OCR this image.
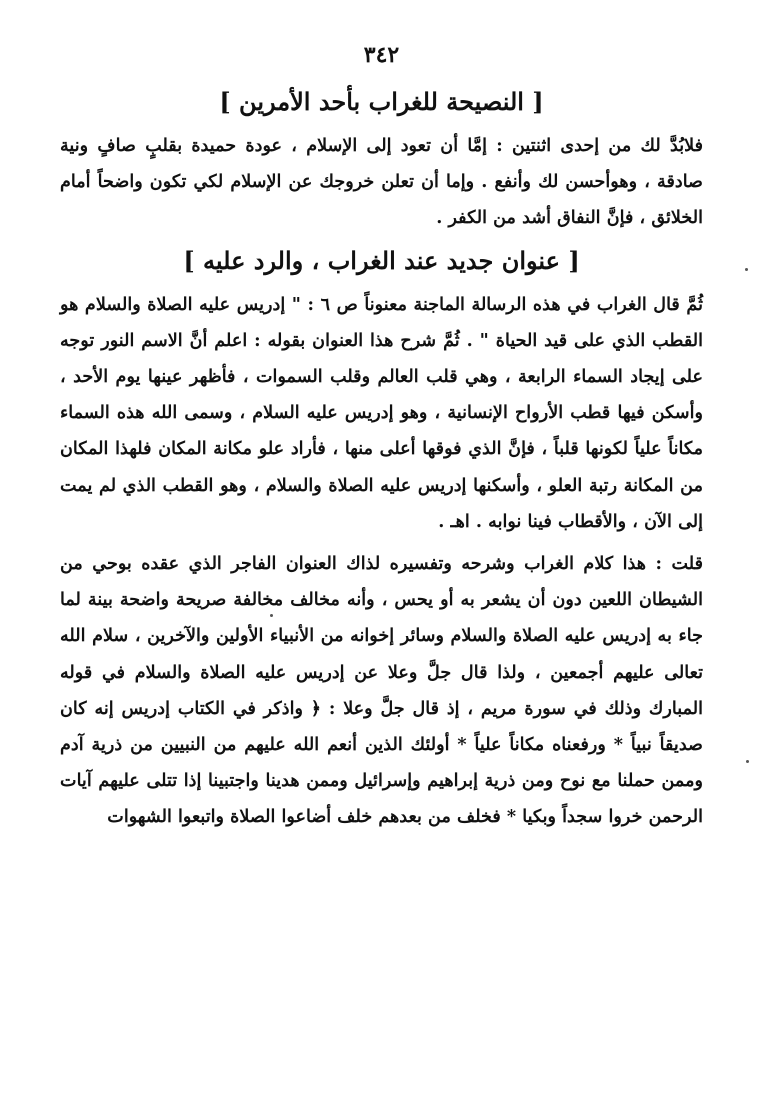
٣٤٢
[ النصيحة للغراب بأحد الأمرين ]

فلابُدَّ لك من إحدى اثنتين : إمَّا أن تعود إلى الإسلام ، عودة حميدة بقلبٍ صافٍ ونية صادقة ، وهوأحسن لك وأنفع . وإما أن تعلن خروجك عن الإسلام لكي تكون واضحاً أمام الخلائق ، فإنَّ النفاق أشد من الكفر .

[ عنوان جديد عند الغراب ، والرد عليه ]

ثُمَّ قال الغراب في هذه الرسالة الماجنة معنوناً ص ٦ : " إدريس عليه الصلاة والسلام هو القطب الذي على قيد الحياة " . ثُمَّ شرح هذا العنوان بقوله : اعلم أنَّ الاسم النور توجه على إيجاد السماء الرابعة ، وهي قلب العالم وقلب السموات ، فأظهر عينها يوم الأحد ، وأسكن فيها قطب الأرواح الإنسانية ، وهو إدريس عليه السلام ، وسمى الله هذه السماء مكاناً علياً لكونها قلباً ، فإنَّ الذي فوقها أعلى منها ، فأراد علو مكانة المكان فلهذا المكان من المكانة رتبة العلو ، وأسكنها إدريس عليه الصلاة والسلام ، وهو القطب الذي لم يمت إلى الآن ، والأقطاب فينا نوابه . اهـ .

قلت : هذا كلام الغراب وشرحه وتفسيره لذاك العنوان الفاجر الذي عقده بوحي من الشيطان اللعين دون أن يشعر به أو يحس ، وأنه مخالف مخالفة صريحة واضحة بينة لما جاء به إدريس عليه الصلاة والسلام وسائر إخوانه من الأنبياء الأولين والآخرين ، سلام الله تعالى عليهم أجمعين ، ولذا قال جلَّ وعلا عن إدريس عليه الصلاة والسلام في قوله المبارك وذلك في سورة مريم ، إذ قال جلَّ وعلا : ﴿ واذكر في الكتاب إدريس إنه كان صديقاً نبياً * ورفعناه مكاناً علياً * أولئك الذين أنعم الله عليهم من النبيين من ذرية آدم وممن حملنا مع نوح ومن ذرية إبراهيم وإسرائيل وممن هدينا واجتبينا إذا تتلى عليهم آيات الرحمن خروا سجداً وبكيا * فخلف من بعدهم خلف أضاعوا الصلاة واتبعوا الشهوات
